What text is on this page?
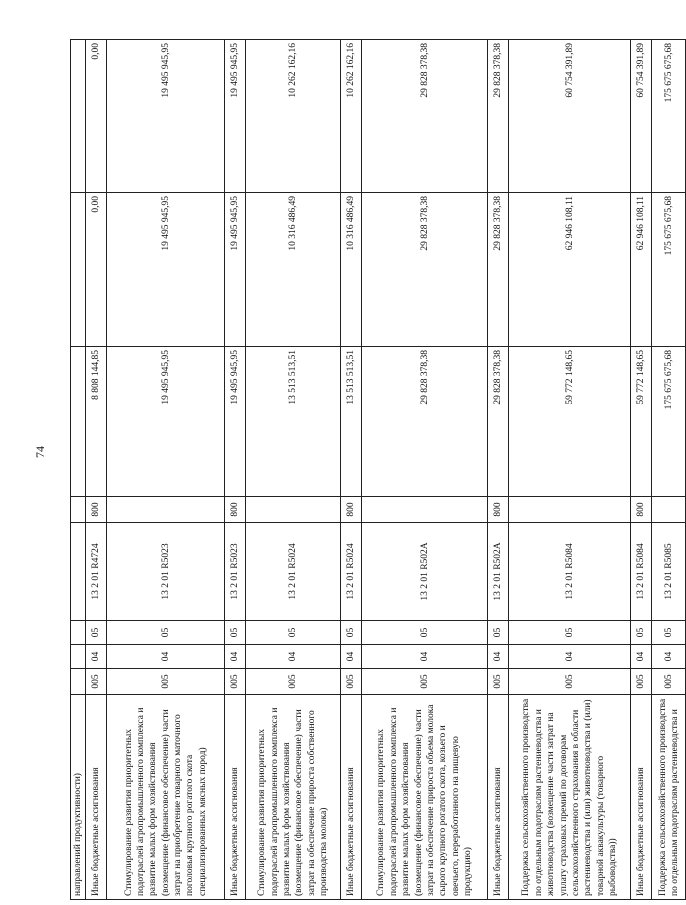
74
направлений продуктивности)								
Иные бюджетные ассигнования	005	04	05	13 2 01 R4724	800	8 808 144,85	0,00	0,00
Стимулирование развития приоритетных подотраслей агропромышленного комплекса и развитие малых форм хозяйствования (возмещение (финансовое обеспечение) части затрат на приобретение товарного маточного поголовья крупного рогатого скота специализированных мясных пород)	005	04	05	13 2 01 R5023		19 495 945,95	19 495 945,95	19 495 945,95
Иные бюджетные ассигнования	005	04	05	13 2 01 R5023	800	19 495 945,95	19 495 945,95	19 495 945,95
Стимулирование развития приоритетных подотраслей агропромышленного комплекса и развитие малых форм хозяйствования (возмещение (финансовое обеспечение) части затрат на обеспечение прироста собственного производства молока)	005	04	05	13 2 01 R5024		13 513 513,51	10 316 486,49	10 262 162,16
Иные бюджетные ассигнования	005	04	05	13 2 01 R5024	800	13 513 513,51	10 316 486,49	10 262 162,16
Стимулирование развития приоритетных подотраслей агропромышленного комплекса и развитие малых форм хозяйствования (возмещение (финансовое обеспечение) части затрат на обеспечение прироста объема молока сырого крупного рогатого скота, козьего и овечьего, переработанного на пищевую продукцию)	005	04	05	13 2 01 R502A		29 828 378,38	29 828 378,38	29 828 378,38
Иные бюджетные ассигнования	005	04	05	13 2 01 R502A	800	29 828 378,38	29 828 378,38	29 828 378,38
Поддержка сельскохозяйственного производства по отдельным подотраслям растениеводства и животноводства (возмещение части затрат на уплату страховых премий по договорам сельскохозяйственного страхования в области растениеводства и (или) животноводства и (или) товарной аквакультуры (товарного рыбоводства))	005	04	05	13 2 01 R5084		59 772 148,65	62 946 108,11	60 754 391,89
Иные бюджетные ассигнования	005	04	05	13 2 01 R5084	800	59 772 148,65	62 946 108,11	60 754 391,89
Поддержка сельскохозяйственного производства по отдельным подотраслям растениеводства и	005	04	05	13 2 01 R5085		175 675 675,68	175 675 675,68	175 675 675,68
